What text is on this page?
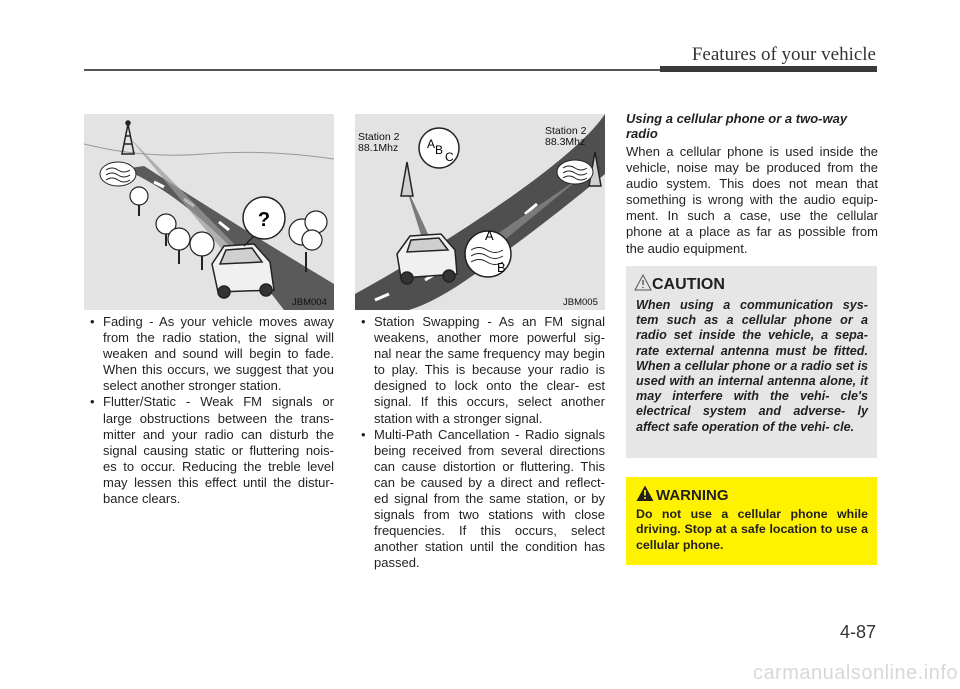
Features of your vehicle
?
JBM004
A B C
A
B
Station 2
88.1Mhz
Station 2
88.3Mhz
JBM005
• Fading - As your vehicle moves away from the radio station, the signal will weaken and sound will begin to fade. When this occurs, we suggest that you select another stronger station.
• Flutter/Static - Weak FM signals or large obstructions between the trans- mitter and your radio can disturb the signal causing static or fluttering nois- es to occur. Reducing the treble level may lessen this effect until the distur- bance clears.
• Station Swapping - As an FM signal weakens, another more powerful sig- nal near the same frequency may begin to play. This is because your radio is designed to lock onto the clear- est signal. If this occurs, select another station with a stronger signal.
• Multi-Path Cancellation - Radio signals being received from several directions can cause distortion or fluttering. This can be caused by a direct and reflect- ed signal from the same station, or by signals from two stations with close frequencies. If this occurs, select another station until the condition has passed.
Using a cellular phone or a two-way radio

When a cellular phone is used inside the vehicle, noise may be produced from the audio system. This does not mean that something is wrong with the audio equip- ment. In such a case, use the cellular phone at a place as far as possible from the audio equipment.

CAUTION
When using a communication sys- tem such as a cellular phone or a radio set inside the vehicle, a sepa- rate external antenna must be fitted. When a cellular phone or a radio set is used with an internal antenna alone, it may interfere with the vehi- cle's electrical system and adverse- ly affect safe operation of the vehi- cle.
WARNING
Do not use a cellular phone while driving. Stop at a safe location to use a cellular phone.
4-87
carmanualsonline.info
